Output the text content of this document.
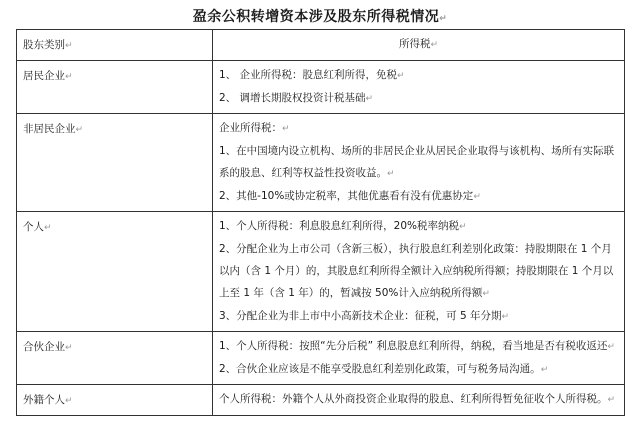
盈余公积转增资本涉及股东所得税情况↵
股东类别↵	所得税↵
居民企业↵	1、 企业所得税：股息红利所得，免税↵

2、 调增长期股权投资计税基础↵

非居民企业↵	企业所得税：↵

1、在中国境内设立机构、场所的非居民企业从居民企业取得与该机构、场所有实际联系的股息、红利等权益性投资收益。↵

2、其他-10%或协定税率，其他优惠看有没有优惠协定↵

个人↵	1、个人所得税：利息股息红利所得，20%税率纳税↵

2、分配企业为上市公司（含新三板），执行股息红利差别化政策：持股期限在 1 个月以内（含 1 个月）的，其股息红利所得全额计入应纳税所得额；持股期限在 1 个月以上至 1 年（含 1 年）的，暂减按 50%计入应纳税所得额↵

3、分配企业为非上市中小高新技术企业：征税，可 5 年分期↵

合伙企业↵	1、个人所得税：按照“先分后税” 利息股息红利所得，纳税，看当地是否有税收返还↵

2、合伙企业应该是不能享受股息红利差别化政策，可与税务局沟通。↵

外籍个人↵	个人所得税：外籍个人从外商投资企业取得的股息、红利所得暂免征收个人所得税。↵
